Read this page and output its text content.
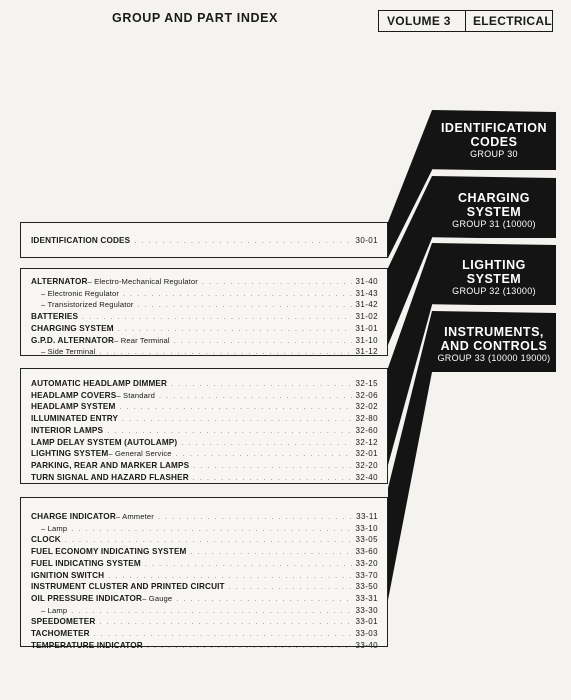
GROUP AND PART INDEX	VOLUME 3	ELECTRICAL
IDENTIFICATION
CODES
GROUP 30
CHARGING
SYSTEM
GROUP 31 (10000)
LIGHTING
SYSTEM
GROUP 32 (13000)
INSTRUMENTS,
AND CONTROLS
GROUP 33 (10000 19000)
IDENTIFICATION CODES . . .	30-01
ALTERNATOR – Electro-Mechanical Regulator . . .	31-40
– Electronic Regulator . . .	31-43
– Transistorized Regulator . . .	31-42
BATTERIES . . .	31-02
CHARGING SYSTEM . . .	31-01
G.P.D. ALTERNATOR – Rear Terminal . . .	31-10
– Side Terminal . . .	31-12
AUTOMATIC HEADLAMP DIMMER . . .	32-15
HEADLAMP COVERS – Standard . . .	32-06
HEADLAMP SYSTEM . . .	32-02
ILLUMINATED ENTRY . . .	32-80
INTERIOR LAMPS . . .	32-60
LAMP DELAY SYSTEM (AUTOLAMP) . . .	32-12
LIGHTING SYSTEM – General Service . . .	32-01
PARKING, REAR AND MARKER LAMPS . . .	32-20
TURN SIGNAL AND HAZARD FLASHER . . .	32-40
CHARGE INDICATOR – Ammeter . . .	33-11
– Lamp . . .	33-10
CLOCK . . .	33-05
FUEL ECONOMY INDICATING SYSTEM . . .	33-60
FUEL INDICATING SYSTEM . . .	33-20
IGNITION SWITCH . . .	33-70
INSTRUMENT CLUSTER AND PRINTED CIRCUIT . . .	33-50
OIL PRESSURE INDICATOR – Gauge . . .	33-31
– Lamp . . .	33-30
SPEEDOMETER . . .	33-01
TACHOMETER . . .	33-03
TEMPERATURE INDICATOR . . .	33-40
